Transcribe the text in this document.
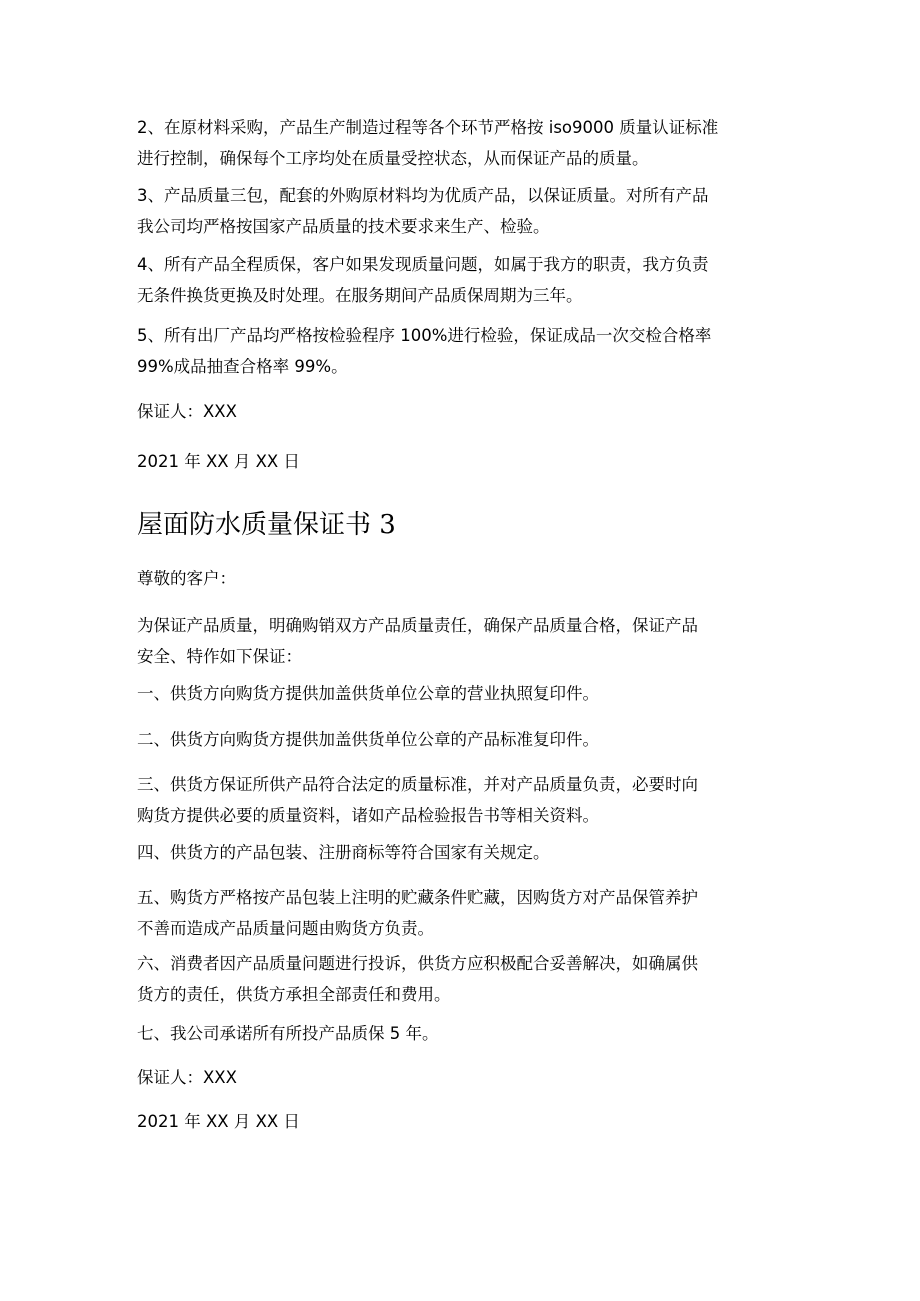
2、在原材料采购，产品生产制造过程等各个环节严格按 iso9000 质量认证标准
进行控制，确保每个工序均处在质量受控状态，从而保证产品的质量。

3、产品质量三包，配套的外购原材料均为优质产品，以保证质量。对所有产品
我公司均严格按国家产品质量的技术要求来生产、检验。

4、所有产品全程质保，客户如果发现质量问题，如属于我方的职责，我方负责
无条件换货更换及时处理。在服务期间产品质保周期为三年。

5、所有出厂产品均严格按检验程序 100%进行检验，保证成品一次交检合格率
99%成品抽查合格率 99%。

保证人：XXX

2021 年 XX 月 XX 日

屋面防水质量保证书 3

尊敬的客户：

为保证产品质量，明确购销双方产品质量责任，确保产品质量合格，保证产品
安全、特作如下保证：

一、供货方向购货方提供加盖供货单位公章的营业执照复印件。

二、供货方向购货方提供加盖供货单位公章的产品标准复印件。

三、供货方保证所供产品符合法定的质量标准，并对产品质量负责，必要时向
购货方提供必要的质量资料，诸如产品检验报告书等相关资料。

四、供货方的产品包装、注册商标等符合国家有关规定。

五、购货方严格按产品包装上注明的贮藏条件贮藏，因购货方对产品保管养护
不善而造成产品质量问题由购货方负责。

六、消费者因产品质量问题进行投诉，供货方应积极配合妥善解决，如确属供
货方的责任，供货方承担全部责任和费用。

七、我公司承诺所有所投产品质保 5 年。

保证人：XXX

2021 年 XX 月 XX 日
